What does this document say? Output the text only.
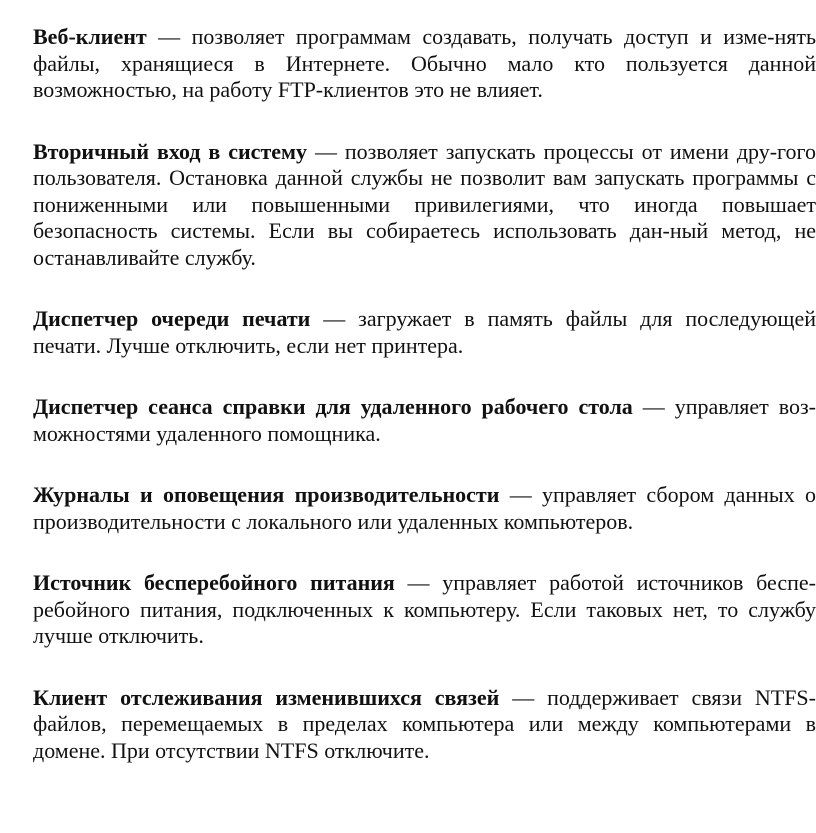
Веб-клиент — позволяет программам создавать, получать доступ и изме-нять файлы, хранящиеся в Интернете. Обычно мало кто пользуется данной возможностью, на работу FTP-клиентов это не влияет.

Вторичный вход в систему — позволяет запускать процессы от имени дру-гого пользователя. Остановка данной службы не позволит вам запускать программы с пониженными или повышенными привилегиями, что иногда повышает безопасность системы. Если вы собираетесь использовать дан-ный метод, не останавливайте службу.

Диспетчер очереди печати — загружает в память файлы для последующей печати. Лучше отключить, если нет принтера.

Диспетчер сеанса справки для удаленного рабочего стола — управляет воз-можностями удаленного помощника.

Журналы и оповещения производительности — управляет сбором данных о производительности с локального или удаленных компьютеров.

Источник бесперебойного питания — управляет работой источников беспе-ребойного питания, подключенных к компьютеру. Если таковых нет, то службу лучше отключить.

Клиент отслеживания изменившихся связей — поддерживает связи NTFS-файлов, перемещаемых в пределах компьютера или между компьютерами в домене. При отсутствии NTFS отключите.
